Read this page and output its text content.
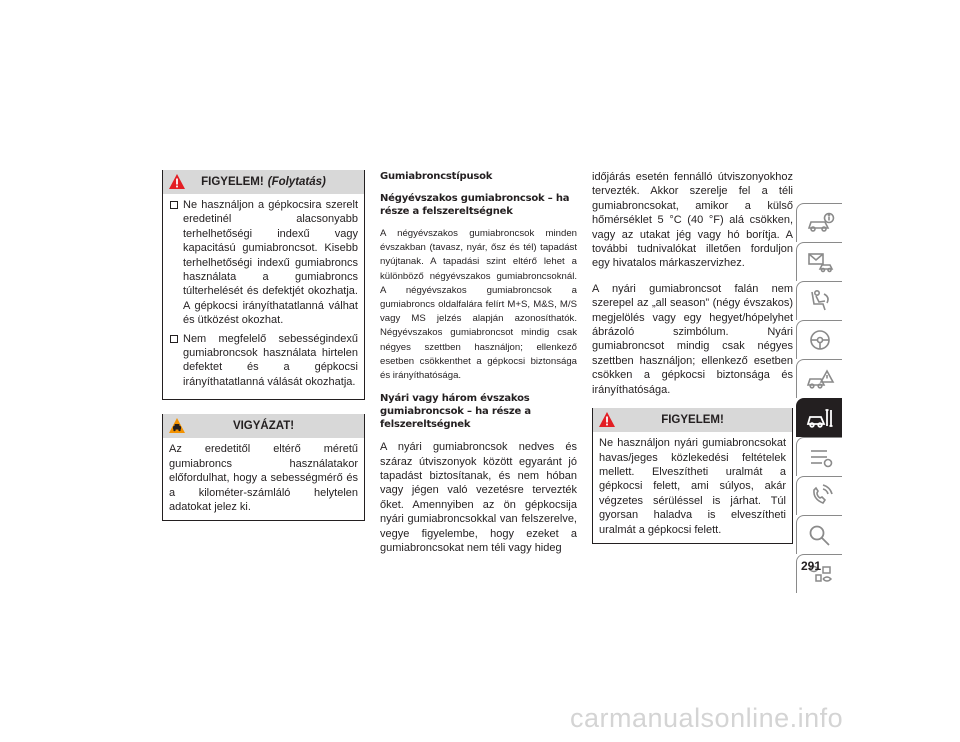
FIGYELEM! (Folytatás)
Ne használjon a gépkocsira szerelt eredetinél alacsonyabb terhelhetőségi indexű vagy kapacitású gumiabroncsot. Kisebb terhelhetőségi indexű gumiabroncs használata a gumiabroncs túlterhelését és defektjét okozhatja. A gépkocsi irányíthatatlanná válhat és ütközést okozhat.
Nem megfelelő sebességindexű gumiabroncsok használata hirtelen defektet és a gépkocsi irányíthatatlanná válását okozhatja.
VIGYÁZAT!
Az eredetitől eltérő méretű gumiabroncs használatakor előfordulhat, hogy a sebességmérő és a kilométer-számláló helytelen adatokat jelez ki.
Gumiabroncstípusok
Négyévszakos gumiabroncsok – ha része a felszereltségnek

A négyévszakos gumiabroncsok minden évszakban (tavasz, nyár, ősz és tél) tapadást nyújtanak. A tapadási szint eltérő lehet a különböző négyévszakos gumiabroncsoknál. A négyévszakos gumiabroncsok a gumiabroncs oldalfalára felírt M+S, M&S, M/S vagy MS jelzés alapján azonosíthatók. Négyévszakos gumiabroncsot mindig csak négyes szettben használjon; ellenkező esetben csökkenthet a gépkocsi biztonsága és irányíthatósága.

Nyári vagy három évszakos gumiabroncsok – ha része a felszereltségnek

A nyári gumiabroncsok nedves és száraz útviszonyok között egyaránt jó tapadást biztosítanak, és nem hóban vagy jégen való vezetésre tervezték őket. Amennyiben az ön gépkocsija nyári gumiabroncsokkal van felszerelve, vegye figyelembe, hogy ezeket a gumiabroncsokat nem téli vagy hideg

időjárás esetén fennálló útviszonyokhoz tervezték. Akkor szerelje fel a téli gumiabroncsokat, amikor a külső hőmérséklet 5 °C (40 °F) alá csökken, vagy az utakat jég vagy hó borítja. A további tudnivalókat illetően forduljon egy hivatalos márkaszervizhez.

A nyári gumiabroncsot falán nem szerepel az „all season” (négy évszakos) megjelölés vagy egy hegyet/hópelyhet ábrázoló szimbólum. Nyári gumiabroncsot mindig csak négyes szettben használjon; ellenkező esetben csökken a gépkocsi biztonsága és irányíthatósága.

FIGYELEM!
Ne használjon nyári gumiabroncsokat havas/jeges közlekedési feltételek mellett. Elveszítheti uralmát a gépkocsi felett, ami súlyos, akár végzetes sérüléssel is járhat. Túl gyorsan haladva is elveszítheti uralmát a gépkocsi felett.
291
carmanualsonline.info
